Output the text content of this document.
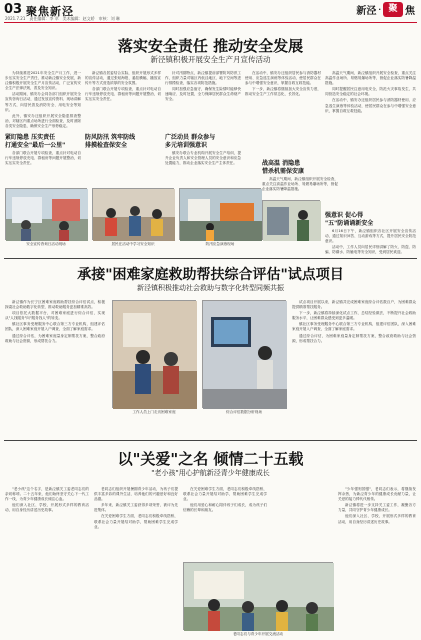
03 聚焦新泾
2021.7.21　责任编辑：李 翠　美术编辑：赵文娇　审核：刘 琳
新泾 · 聚 焦
落实安全责任 推动安全发展
新泾镇积极开展安全生产月宣传活动

为持续推进2021年安全生产月工作，进一步压实安全生产责任，推动新泾镇安全发展，新泾镇积极开展安全生产月宣传活动，广泛宣传安全生产法律法规，普及安全知识。

活动期间，镇安办会同各部门组织开展安全宣传咨询日活动，通过发放宣传资料、现场讲解等方式，向居民普及消防安全、用电安全等知识。

此外，镇安办还组织开展安全隐患排查整治，对辖区内重点场所进行全面检查，及时消除各类安全隐患，确保安全生产形势稳定。

紧盯隐患 压实责任
打通安全"最后一公里"

各部门联合开展专项检查，重点针对电动自行车违规停放充电、群租房等问题开展整治，切实压实安全责任。

新泾镇各居委结合实际，组织开展形式多样的宣传活动，通过张贴海报、悬挂横幅、播放宣传片等方式营造浓厚的安全氛围。

各部门联合开展专项检查，重点针对电动自行车违规停放充电、群租房等问题开展整治，切实压实安全责任。

防风防汛 筑牢防线
排摸检查保安全

针对汛期特点，新泾镇提前部署防风防汛工作，组织力量对辖区内低洼地区、地下空间等进行排摸检查，落实各项防范措施。

同时加强应急值守，确保发生险情时能够快速响应、及时处置，全力保障居民群众生命财产安全。

广泛动员 群众参与
多元培训强意识

镇安办联合专业机构开展安全生产培训，提升企业负责人和安全管理人员的安全意识和应急处置能力，推动企业落实安全生产主体责任。

在活动中，镇安办还组织居民参与消防器材使用、应急逃生演练等体验活动，使居民群众在参与中增强安全意识，掌握自救互救技能。

下一步，新泾镇将继续加大安全宣传力度，推动安全生产工作常态化、长效化。

战高温 消隐患
惜杀机需保安康

高温天气期间，新泾镇组织开展安全检查，重点关注高温作业场所、易燃易爆场所等，督促企业落实防暑降温措施。

高温天气期间，新泾镇组织开展安全检查，重点关注高温作业场所、易燃易爆场所等，督促企业落实防暑降温措施。

同时提醒居民注意用电安全，防范火灾事故发生，共同营造安全稳定的社会环境。

在活动中，镇安办还组织居民参与消防器材使用、应急逃生演练等体验活动，使居民群众在参与中增强安全意识，掌握自救互救技能。

强意识 促心得
"五"防诵诵新安全

6月16日下午，新泾镇组织各社区开展安全宣传活动，通过知识问答、互动游戏等方式，提升居民安全防范意识。

活动中，工作人员向居民详细讲解了防火、防盗、防骗、防溺水、防触电等安全知识，受到居民欢迎。

安全宣传咨询日活动现场	居民在活动中学习安全知识	防汛应急演练现场
承接"困难家庭救助帮扶综合评估"试点项目
新泾镇积极推动社会救助与数字化转型同频共振

新泾镇作为长宁区困难家庭救助帮扶综合评估试点，积极探索社会救助数字化转型，推动救助服务更加精准高效。

项目依托大数据平台，对困难家庭进行综合评估，实现从"人找服务"向"服务找人"的转变。

镇社区事务受理服务中心联合第三方专业机构，组建评估团队，深入困难家庭开展入户调查，全面了解家庭需求。

通过综合评估，为困难家庭量身定制帮扶方案，整合政府救助与社会资源，形成帮扶合力。

工作人员上门走访困难家庭	综合评估数据分析现场

试点项目开展以来，新泾镇共完成困难家庭综合评估数百户，为困难群众提供精准帮扶服务。

下一步，新泾镇将持续深化试点工作，总结经验做法，不断提升社会救助服务水平，让困难群众感受到更多温暖。

镇社区事务受理服务中心联合第三方专业机构，组建评估团队，深入困难家庭开展入户调查，全面了解家庭需求。

通过综合评估，为困难家庭量身定制帮扶方案，整合政府救助与社会资源，形成帮扶合力。

以"关爱"之名 倾情二十五载
"老小孩"用心护航新泾青少年健康成长

"老小孩"这个名字，是新泾镇关工委老同志们的亲切称呼。二十五年来，他们始终坚守关心下一代工作一线，为青少年健康成长倾注心血。

他们深入社区、学校，开展形式多样的教育活动，用自身经历讲述历史故事。

老同志们组织开展暑期青少年活动，为孩子们提供丰富多彩的课外生活，培养他们的兴趣爱好和良好品德。

多年来，新泾镇关工委获得多项荣誉，被评为先进集体。

在关爱困难学生方面，老同志们积极牵线搭桥，联系社会力量开展结对助学，帮助困难学生完成学业。

在关爱困难学生方面，老同志们积极牵线搭桥，联系社会力量开展结对助学，帮助困难学生完成学业。

他们用爱心和耐心陪伴孩子们成长，成为孩子们信赖的长辈和朋友。

老同志们与青少年开展交流活动

"少年强则国强"，老同志们表示，将继续发挥余热，为新泾青少年的健康成长贡献力量，让关爱的接力棒代代相传。

新泾镇将进一步支持关工委工作，凝聚各方力量，共同守护青少年健康成长。

他们深入社区、学校，开展形式多样的教育活动，用自身经历讲述历史故事。
